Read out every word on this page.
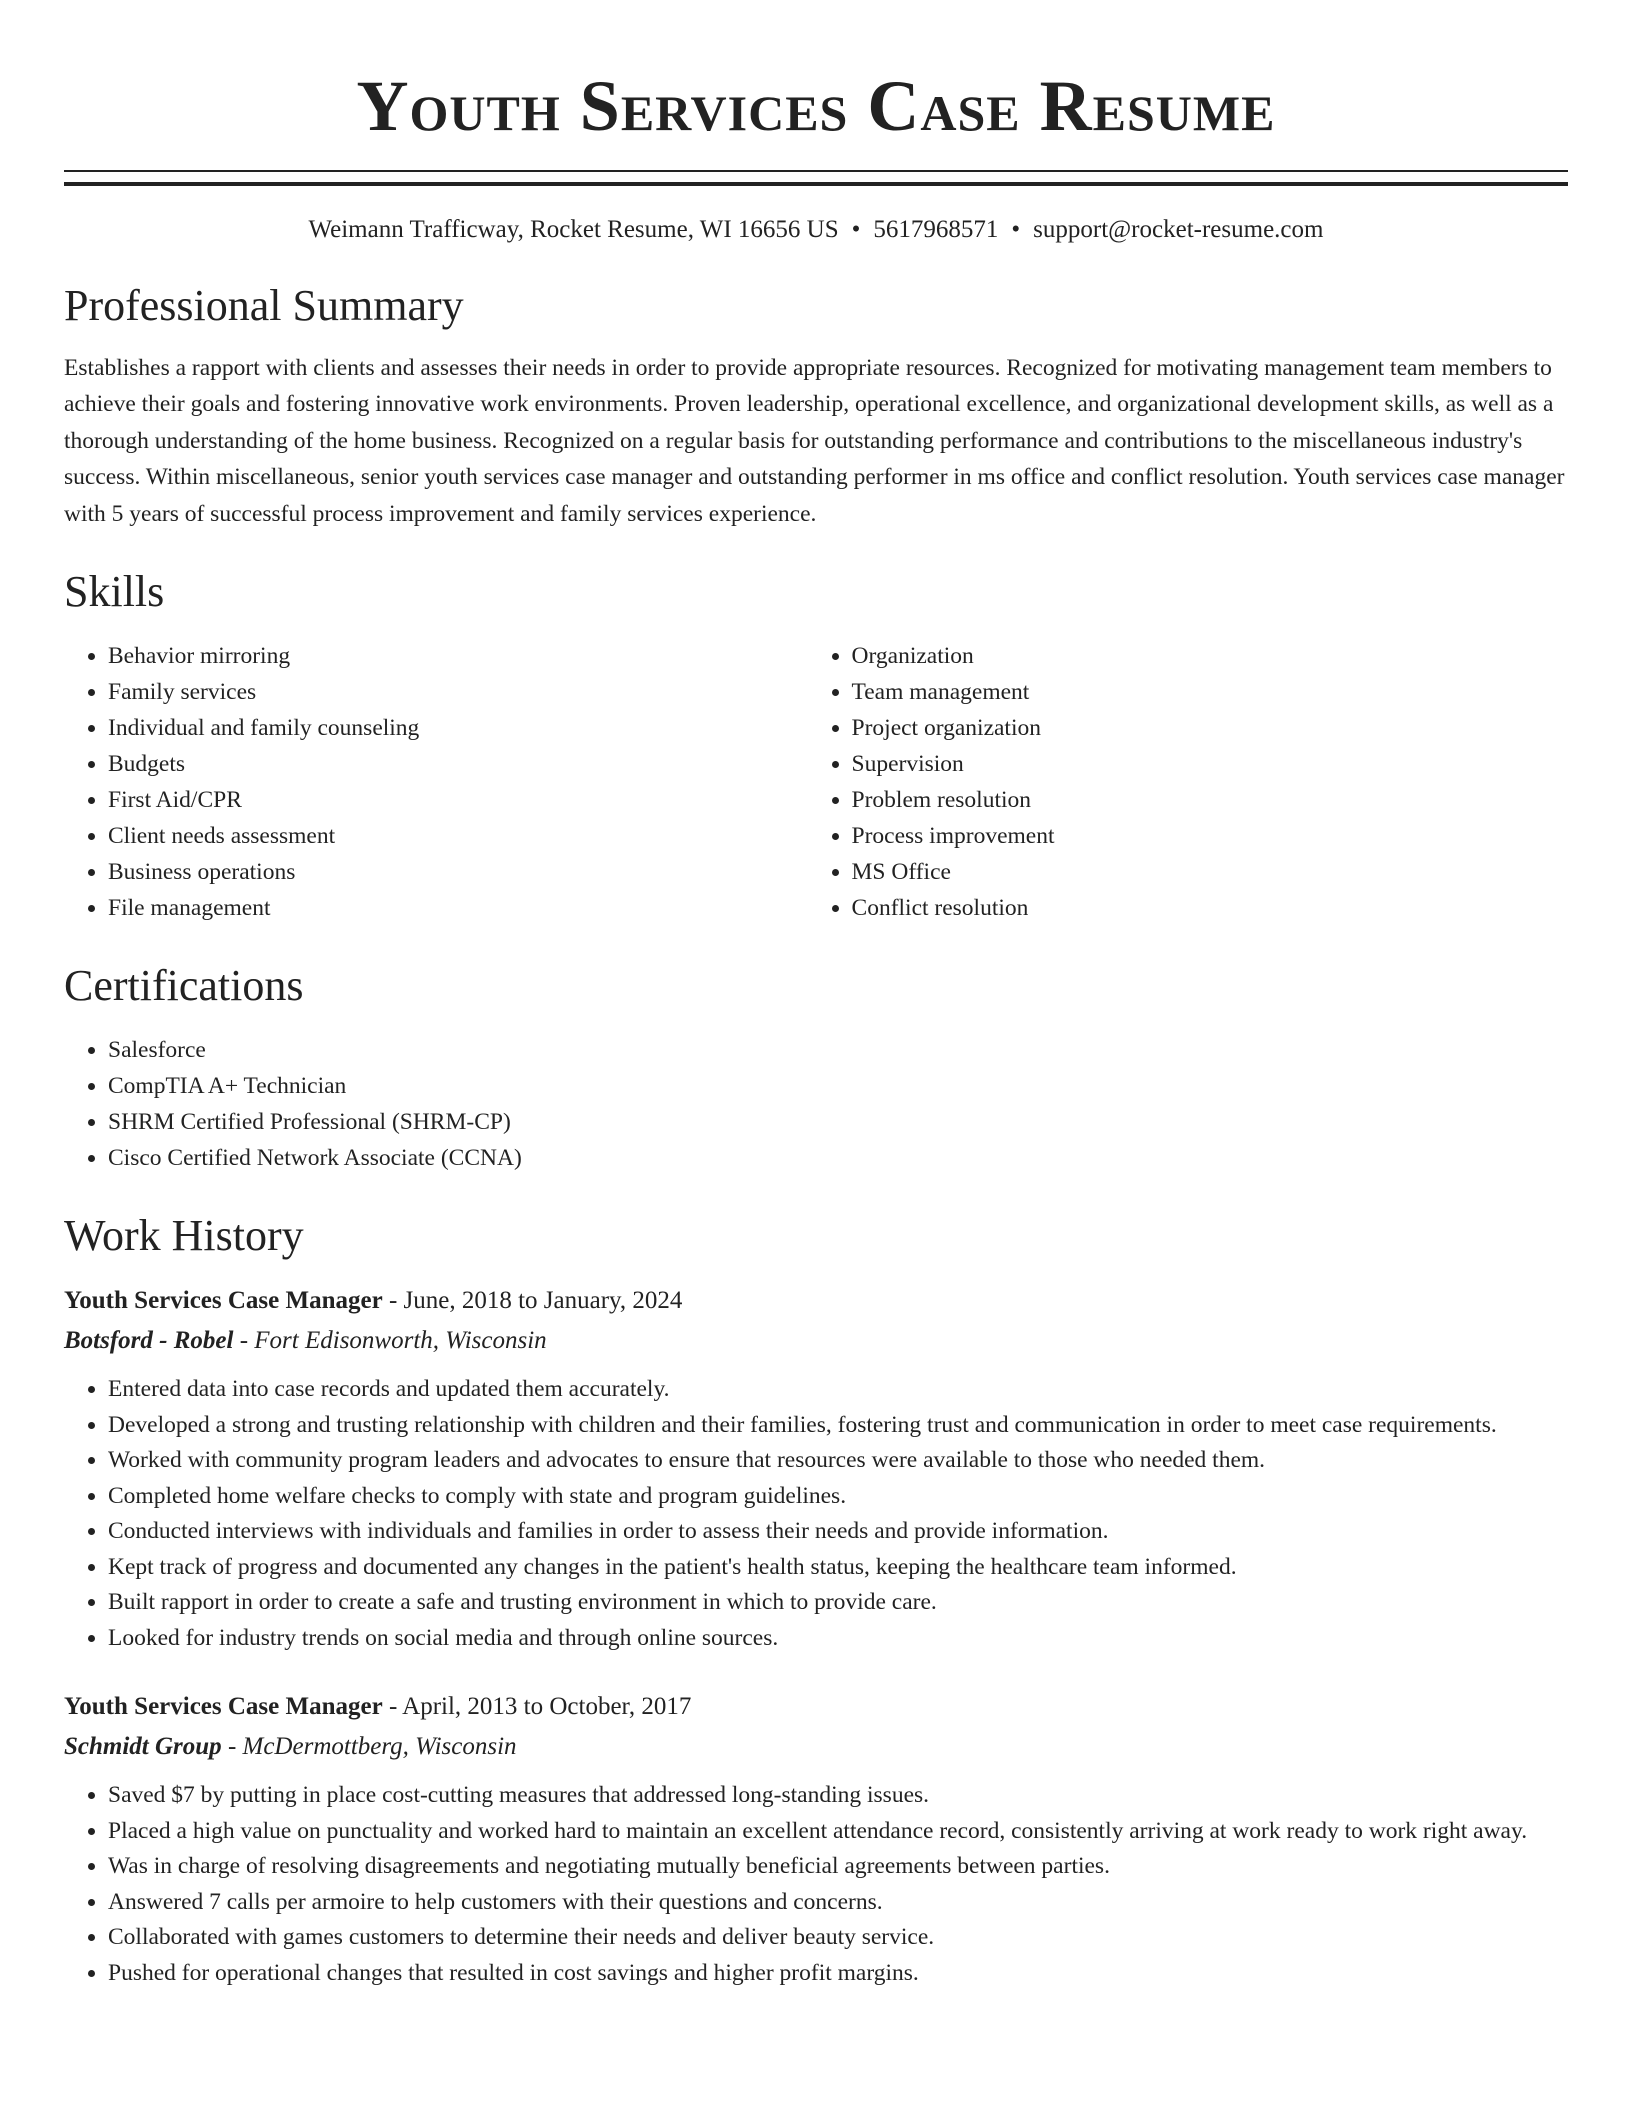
Youth Services Case Resume
Weimann Trafficway, Rocket Resume, WI 16656 US • 5617968571 • support@rocket-resume.com
Professional Summary

Establishes a rapport with clients and assesses their needs in order to provide appropriate resources. Recognized for motivating management team members to achieve their goals and fostering innovative work environments. Proven leadership, operational excellence, and organizational development skills, as well as a thorough understanding of the home business. Recognized on a regular basis for outstanding performance and contributions to the miscellaneous industry's success. Within miscellaneous, senior youth services case manager and outstanding performer in ms office and conflict resolution. Youth services case manager with 5 years of successful process improvement and family services experience.

Skills
• Behavior mirroring
• Family services
• Individual and family counseling
• Budgets
• First Aid/CPR
• Client needs assessment
• Business operations
• File management
• Organization
• Team management
• Project organization
• Supervision
• Problem resolution
• Process improvement
• MS Office
• Conflict resolution
Certifications
• Salesforce
• CompTIA A+ Technician
• SHRM Certified Professional (SHRM-CP)
• Cisco Certified Network Associate (CCNA)
Work History
Youth Services Case Manager - June, 2018 to January, 2024
Botsford - Robel - Fort Edisonworth, Wisconsin
• Entered data into case records and updated them accurately.
• Developed a strong and trusting relationship with children and their families, fostering trust and communication in order to meet case requirements.
• Worked with community program leaders and advocates to ensure that resources were available to those who needed them.
• Completed home welfare checks to comply with state and program guidelines.
• Conducted interviews with individuals and families in order to assess their needs and provide information.
• Kept track of progress and documented any changes in the patient's health status, keeping the healthcare team informed.
• Built rapport in order to create a safe and trusting environment in which to provide care.
• Looked for industry trends on social media and through online sources.
Youth Services Case Manager - April, 2013 to October, 2017
Schmidt Group - McDermottberg, Wisconsin
• Saved $7 by putting in place cost-cutting measures that addressed long-standing issues.
• Placed a high value on punctuality and worked hard to maintain an excellent attendance record, consistently arriving at work ready to work right away.
• Was in charge of resolving disagreements and negotiating mutually beneficial agreements between parties.
• Answered 7 calls per armoire to help customers with their questions and concerns.
• Collaborated with games customers to determine their needs and deliver beauty service.
• Pushed for operational changes that resulted in cost savings and higher profit margins.
